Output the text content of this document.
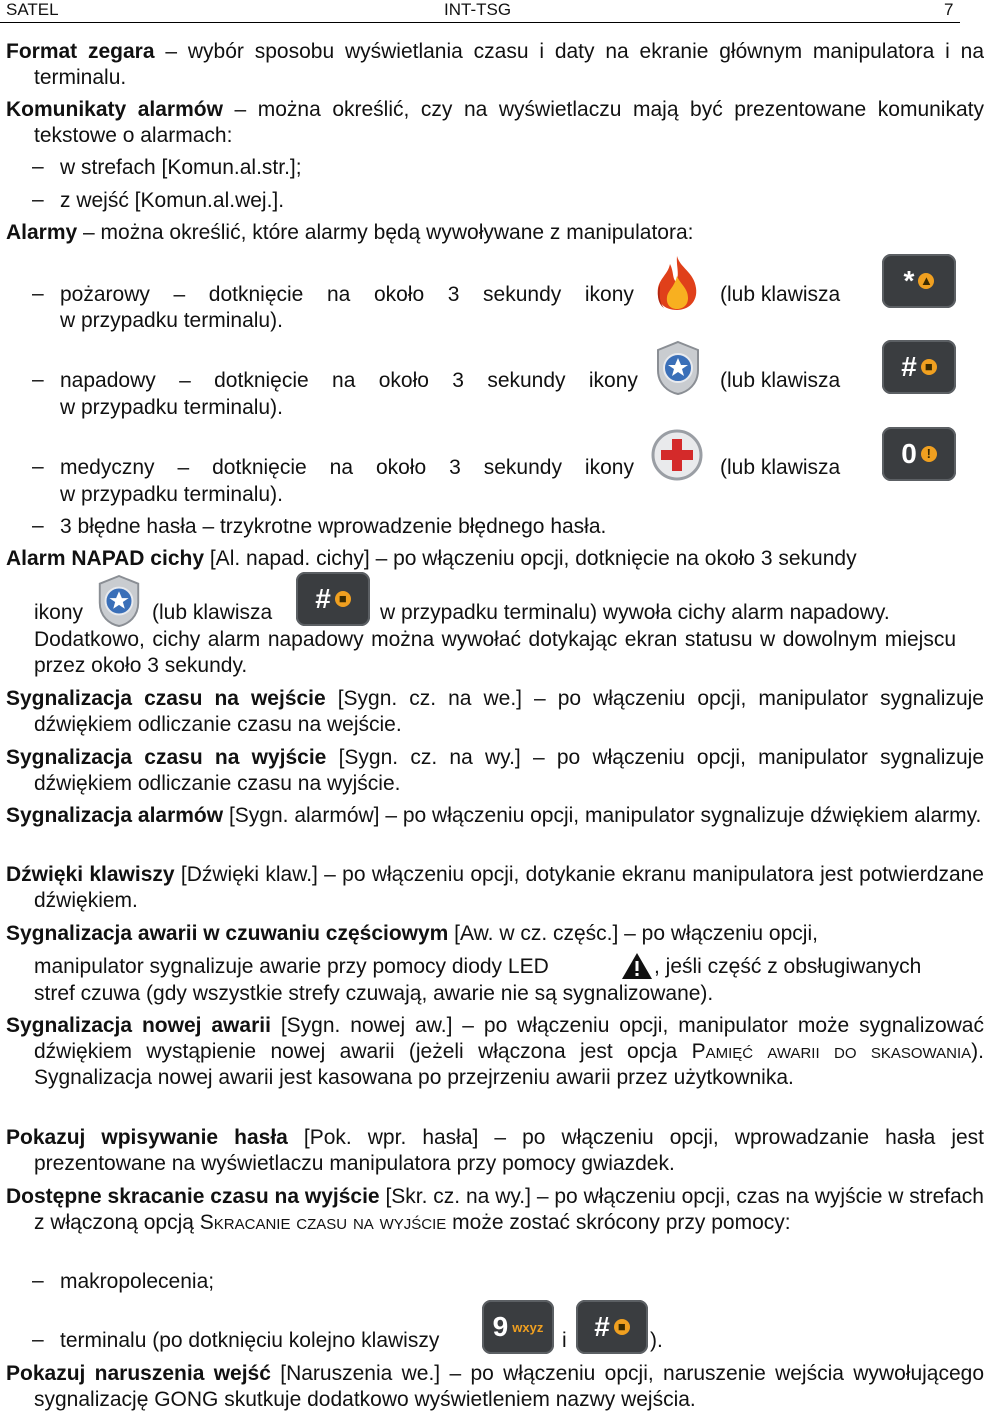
SATEL	INT-TSG	7
Format zegara – wybór sposobu wyświetlania czasu i daty na ekranie głównym manipulatora i na terminalu.
Komunikaty alarmów – można określić, czy na wyświetlaczu mają być prezentowane komunikaty tekstowe o alarmach:
– w strefach [Komun.al.str.];
– z wejść [Komun.al.wej.].
Alarmy – można określić, które alarmy będą wywoływane z manipulatora:
– pożarowy – dotknięcie na około 3 sekundy ikony	(lub klawisza * ▲
w przypadku terminalu).
– napadowy – dotknięcie na około 3 sekundy ikony	(lub klawisza # ■
w przypadku terminalu).
– medyczny – dotknięcie na około 3 sekundy ikony	(lub klawisza 0 !
w przypadku terminalu).
– 3 błędne hasła – trzykrotne wprowadzenie błędnego hasła.
Alarm NAPAD cichy [Al. napad. cichy] – po włączeniu opcji, dotknięcie na około 3 sekundy
ikony	(lub klawisza # ■
w przypadku terminalu) wywoła cichy alarm napadowy.
Dodatkowo, cichy alarm napadowy można wywołać dotykając ekran statusu w dowolnym miejscu przez około 3 sekundy.
Sygnalizacja czasu na wejście [Sygn. cz. na we.] – po włączeniu opcji, manipulator sygnalizuje dźwiękiem odliczanie czasu na wejście.
Sygnalizacja czasu na wyjście [Sygn. cz. na wy.] – po włączeniu opcji, manipulator sygnalizuje dźwiękiem odliczanie czasu na wyjście.
Sygnalizacja alarmów [Sygn. alarmów] – po włączeniu opcji, manipulator sygnalizuje dźwiękiem alarmy.
Dźwięki klawiszy [Dźwięki klaw.] – po włączeniu opcji, dotykanie ekranu manipulatora jest potwierdzane dźwiękiem.
Sygnalizacja awarii w czuwaniu częściowym [Aw. w cz. częśc.] – po włączeniu opcji,
manipulator sygnalizuje awarie przy pomocy diody LED	, jeśli część z obsługiwanych
stref czuwa (gdy wszystkie strefy czuwają, awarie nie są sygnalizowane).
Sygnalizacja nowej awarii [Sygn. nowej aw.] – po włączeniu opcji, manipulator może sygnalizować dźwiękiem wystąpienie nowej awarii (jeżeli włączona jest opcja Pamięć awarii do skasowania). Sygnalizacja nowej awarii jest kasowana po przejrzeniu awarii przez użytkownika.
Pokazuj wpisywanie hasła [Pok. wpr. hasła] – po włączeniu opcji, wprowadzanie hasła jest prezentowane na wyświetlaczu manipulatora przy pomocy gwiazdek.
Dostępne skracanie czasu na wyjście [Skr. cz. na wy.] – po włączeniu opcji, czas na wyjście w strefach z włączoną opcją Skracanie czasu na wyjście może zostać skrócony przy pomocy:
– makropolecenia;
– terminalu (po dotknięciu kolejno klawiszy 9 wxyz
i # ■
).
Pokazuj naruszenia wejść [Naruszenia we.] – po włączeniu opcji, naruszenie wejścia wywołującego sygnalizację GONG skutkuje dodatkowo wyświetleniem nazwy wejścia.
